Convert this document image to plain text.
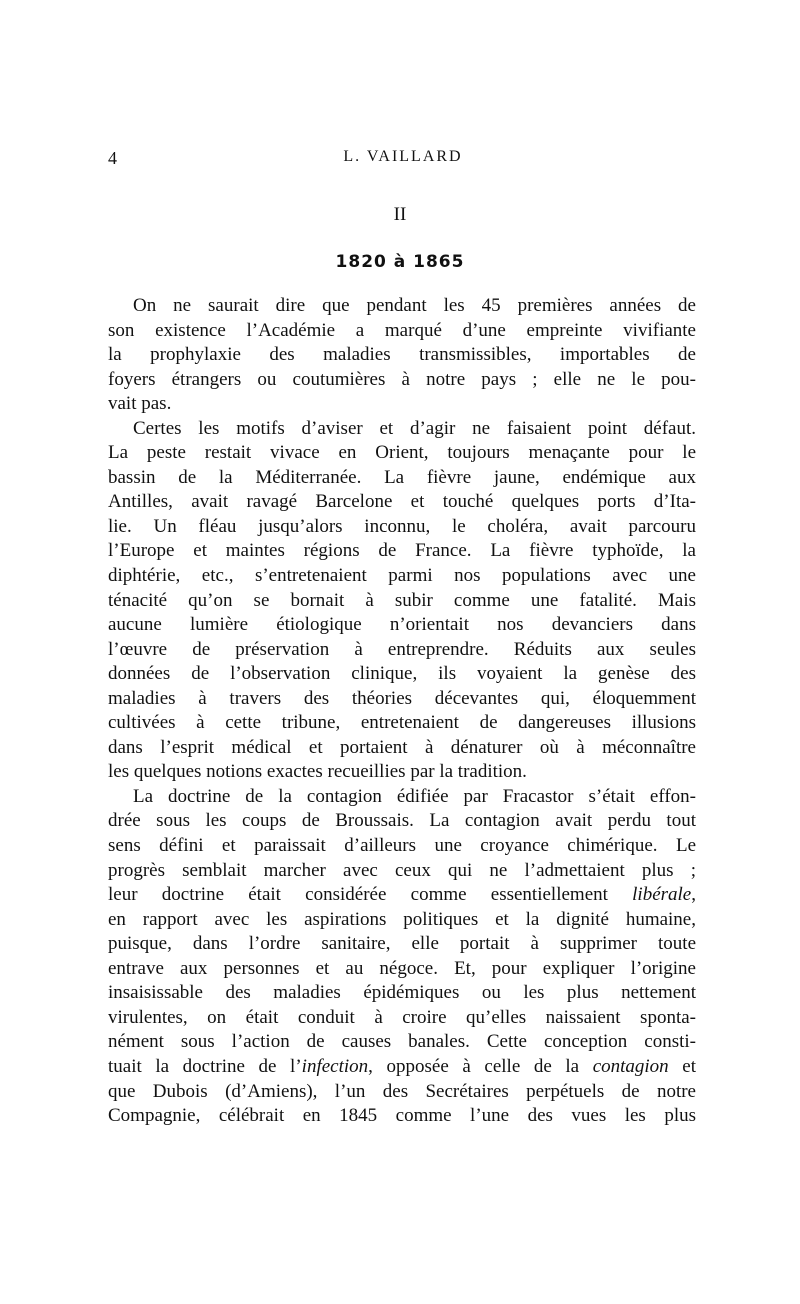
4	L. VAILLARD
II
1820 à 1865
On ne saurait dire que pendant les 45 premières années de
son existence l’Académie a marqué d’une empreinte vivifiante
la prophylaxie des maladies transmissibles, importables de
foyers étrangers ou coutumières à notre pays ; elle ne le pou-
vait pas.
Certes les motifs d’aviser et d’agir ne faisaient point défaut.
La peste restait vivace en Orient, toujours menaçante pour le
bassin de la Méditerranée. La fièvre jaune, endémique aux
Antilles, avait ravagé Barcelone et touché quelques ports d’Ita-
lie. Un fléau jusqu’alors inconnu, le choléra, avait parcouru
l’Europe et maintes régions de France. La fièvre typhoïde, la
diphtérie, etc., s’entretenaient parmi nos populations avec une
ténacité qu’on se bornait à subir comme une fatalité. Mais
aucune lumière étiologique n’orientait nos devanciers dans
l’œuvre de préservation à entreprendre. Réduits aux seules
données de l’observation clinique, ils voyaient la genèse des
maladies à travers des théories décevantes qui, éloquemment
cultivées à cette tribune, entretenaient de dangereuses illusions
dans l’esprit médical et portaient à dénaturer où à méconnaître
les quelques notions exactes recueillies par la tradition.
La doctrine de la contagion édifiée par Fracastor s’était effon-
drée sous les coups de Broussais. La contagion avait perdu tout
sens défini et paraissait d’ailleurs une croyance chimérique. Le
progrès semblait marcher avec ceux qui ne l’admettaient plus ;
leur doctrine était considérée comme essentiellement libérale,
en rapport avec les aspirations politiques et la dignité humaine,
puisque, dans l’ordre sanitaire, elle portait à supprimer toute
entrave aux personnes et au négoce. Et, pour expliquer l’origine
insaisissable des maladies épidémiques ou les plus nettement
virulentes, on était conduit à croire qu’elles naissaient sponta-
nément sous l’action de causes banales. Cette conception consti-
tuait la doctrine de l’infection, opposée à celle de la contagion et
que Dubois (d’Amiens), l’un des Secrétaires perpétuels de notre
Compagnie, célébrait en 1845 comme l’une des vues les plus
